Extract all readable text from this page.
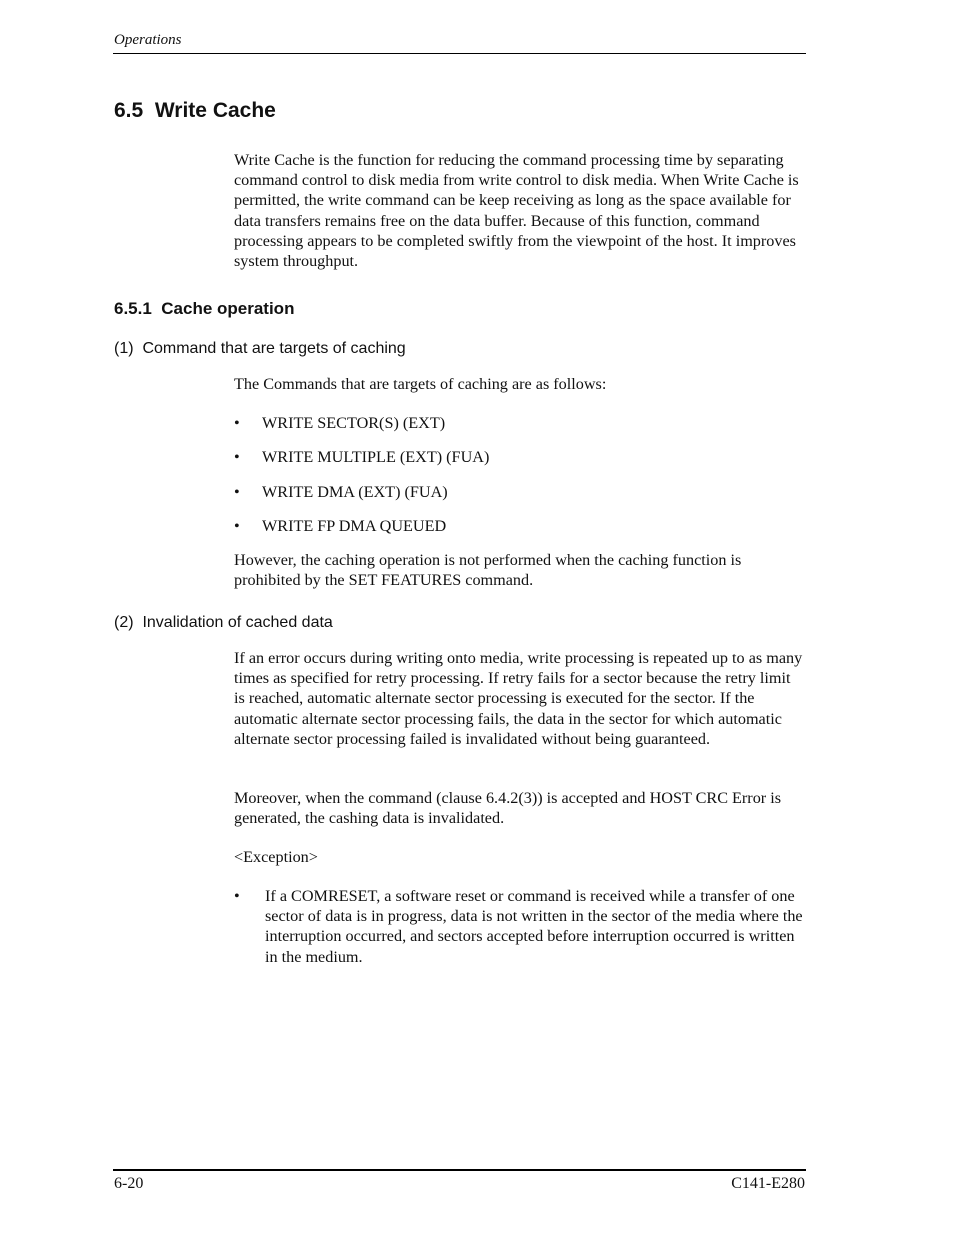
Operations
6.5  Write Cache

Write Cache is the function for reducing the command processing time by separating command control to disk media from write control to disk media. When Write Cache is permitted, the write command can be keep receiving as long as the space available for data transfers remains free on the data buffer. Because of this function, command processing appears to be completed swiftly from the viewpoint of the host. It improves system throughput.

6.5.1  Cache operation
(1)  Command that are targets of caching

The Commands that are targets of caching are as follows:

• WRITE SECTOR(S) (EXT)
• WRITE MULTIPLE (EXT) (FUA)
• WRITE DMA (EXT) (FUA)
• WRITE FP DMA QUEUED

However, the caching operation is not performed when the caching function is prohibited by the SET FEATURES command.

(2)  Invalidation of cached data

If an error occurs during writing onto media, write processing is repeated up to as many times as specified for retry processing. If retry fails for a sector because the retry limit is reached, automatic alternate sector processing is executed for the sector. If the automatic alternate sector processing fails, the data in the sector for which automatic alternate sector processing failed is invalidated without being guaranteed.

Moreover, when the command (clause 6.4.2(3)) is accepted and HOST CRC Error is generated, the cashing data is invalidated.

<Exception>

• If a COMRESET, a software reset or command is received while a transfer of one sector of data is in progress, data is not written in the sector of the media where the interruption occurred, and sectors accepted before interruption occurred is written in the medium.
6-20	C141-E280
